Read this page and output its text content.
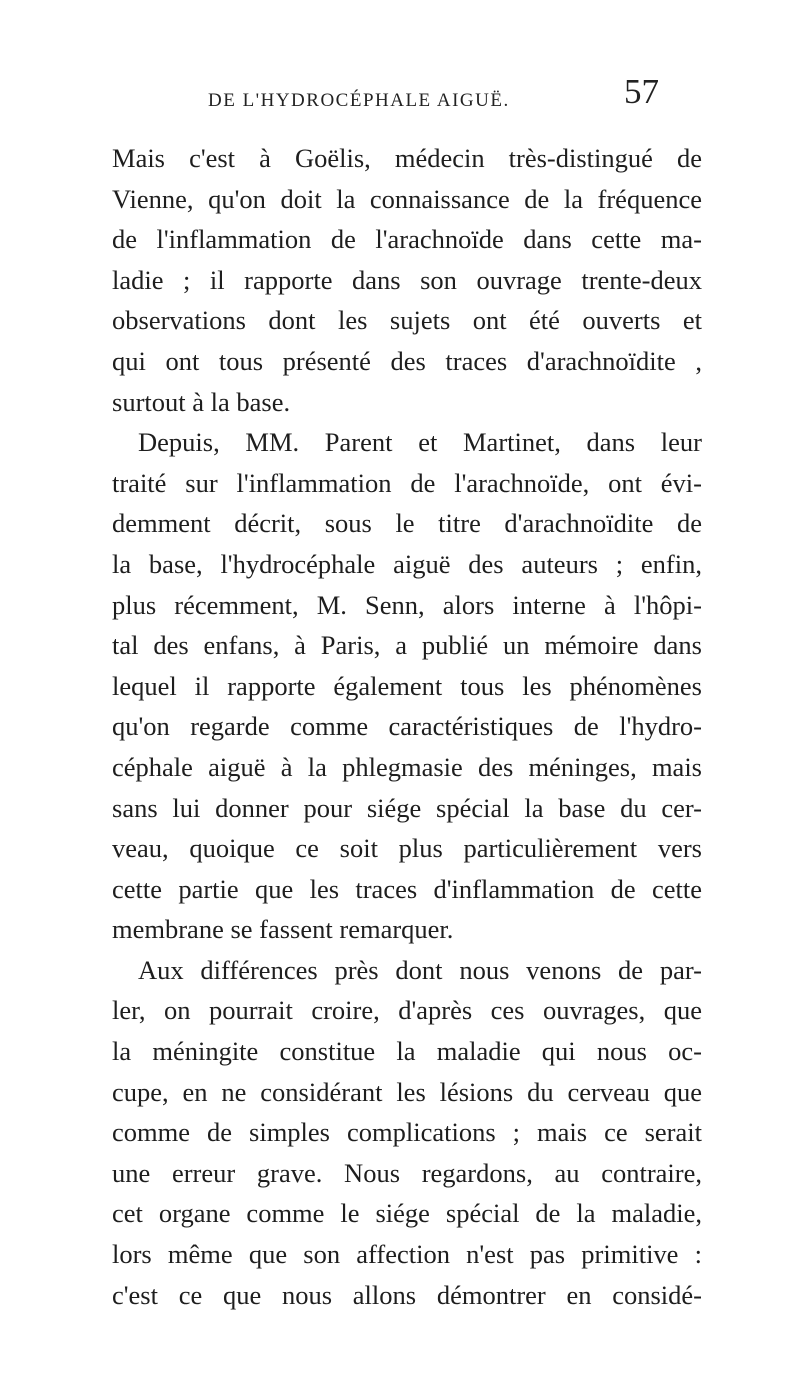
DE L'HYDROCÉPHALE AIGUË.	57
Mais c'est à Goëlis, médecin très-distingué de
Vienne, qu'on doit la connaissance de la fréquence
de l'inflammation de l'arachnoïde dans cette ma-
ladie ; il rapporte dans son ouvrage trente-deux
observations dont les sujets ont été ouverts et
qui ont tous présenté des traces d'arachnoïdite ,
surtout à la base.
Depuis, MM. Parent et Martinet, dans leur
traité sur l'inflammation de l'arachnoïde, ont évi-
demment décrit, sous le titre d'arachnoïdite de
la base, l'hydrocéphale aiguë des auteurs ; enfin,
plus récemment, M. Senn, alors interne à l'hôpi-
tal des enfans, à Paris, a publié un mémoire dans
lequel il rapporte également tous les phénomènes
qu'on regarde comme caractéristiques de l'hydro-
céphale aiguë à la phlegmasie des méninges, mais
sans lui donner pour siége spécial la base du cer-
veau, quoique ce soit plus particulièrement vers
cette partie que les traces d'inflammation de cette
membrane se fassent remarquer.
Aux différences près dont nous venons de par-
ler, on pourrait croire, d'après ces ouvrages, que
la méningite constitue la maladie qui nous oc-
cupe, en ne considérant les lésions du cerveau que
comme de simples complications ; mais ce serait
une erreur grave. Nous regardons, au contraire,
cet organe comme le siége spécial de la maladie,
lors même que son affection n'est pas primitive :
c'est ce que nous allons démontrer en considé-
